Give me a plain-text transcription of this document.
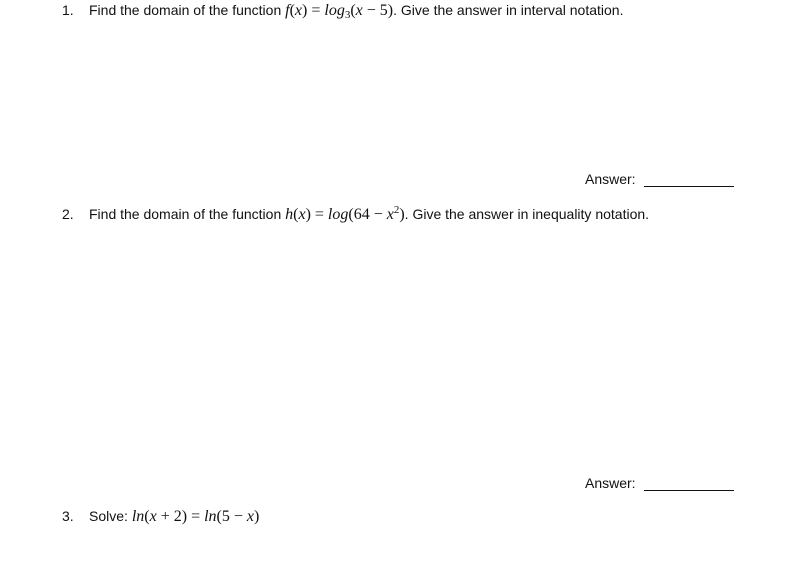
1. Find the domain of the function $f(x) = \log_3(x - 5)$. Give the answer in interval notation.
Answer:
2. Find the domain of the function $h(x) = \log(64 - x^2)$. Give the answer in inequality notation.
Answer:
3. Solve: ln(x + 2) = ln(5 − x)
